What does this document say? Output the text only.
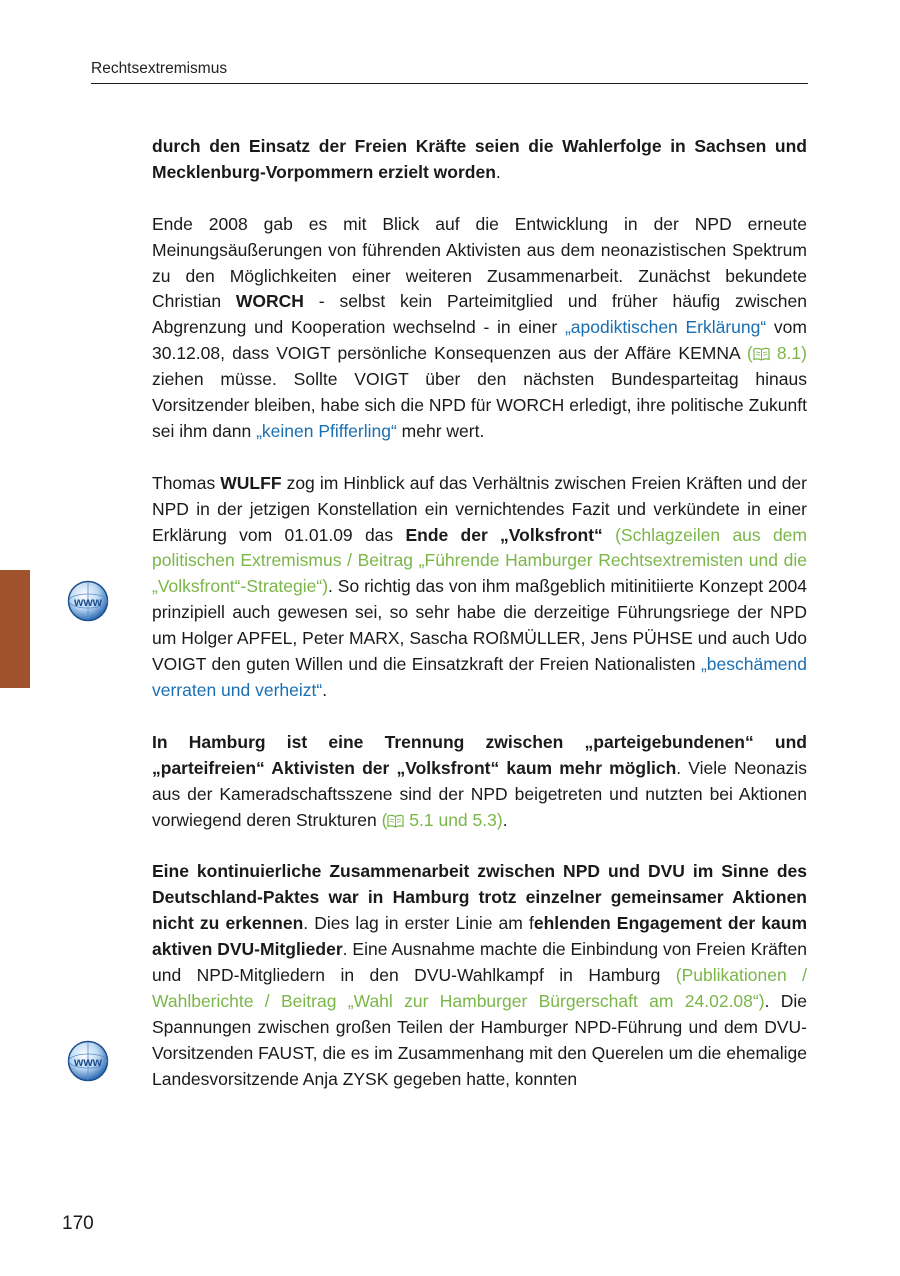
Rechtsextremismus
www
www

durch den Einsatz der Freien Kräfte seien die Wahlerfolge in Sachsen und Mecklenburg-Vorpommern erzielt worden.

Ende 2008 gab es mit Blick auf die Entwicklung in der NPD erneute Meinungsäußerungen von führenden Aktivisten aus dem neonazistischen Spektrum zu den Möglichkeiten einer weiteren Zusammenarbeit. Zunächst bekundete Christian WORCH - selbst kein Parteimitglied und früher häufig zwischen Abgrenzung und Kooperation wechselnd - in einer „apodiktischen Erklärung“ vom 30.12.08, dass VOIGT persönliche Konsequenzen aus der Affäre KEMNA ( 8.1) ziehen müsse. Sollte VOIGT über den nächsten Bundesparteitag hinaus Vorsitzender bleiben, habe sich die NPD für WORCH erledigt, ihre politische Zukunft sei ihm dann „keinen Pfifferling“ mehr wert.

Thomas WULFF zog im Hinblick auf das Verhältnis zwischen Freien Kräften und der NPD in der jetzigen Konstellation ein vernichtendes Fazit und verkündete in einer Erklärung vom 01.01.09 das Ende der „Volksfront“ (Schlagzeilen aus dem politischen Extremismus / Beitrag „Führende Hamburger Rechtsextremisten und die „Volksfront“-Strategie“). So richtig das von ihm maßgeblich mitinitiierte Konzept 2004 prinzipiell auch gewesen sei, so sehr habe die derzeitige Führungsriege der NPD um Holger APFEL, Peter MARX, Sascha ROßMÜLLER, Jens PÜHSE und auch Udo VOIGT den guten Willen und die Einsatzkraft der Freien Nationalisten „beschämend verraten und verheizt“.

In Hamburg ist eine Trennung zwischen „parteigebundenen“ und „parteifreien“ Aktivisten der „Volksfront“ kaum mehr möglich. Viele Neonazis aus der Kameradschaftsszene sind der NPD beigetreten und nutzten bei Aktionen vorwiegend deren Strukturen ( 5.1 und 5.3).

Eine kontinuierliche Zusammenarbeit zwischen NPD und DVU im Sinne des Deutschland-Paktes war in Hamburg trotz einzelner gemeinsamer Aktionen nicht zu erkennen. Dies lag in erster Linie am fehlenden Engagement der kaum aktiven DVU-Mitglieder. Eine Ausnahme machte die Einbindung von Freien Kräften und NPD-Mitgliedern in den DVU-Wahlkampf in Hamburg (Publikationen / Wahlberichte / Beitrag „Wahl zur Hamburger Bürgerschaft am 24.02.08“). Die Spannungen zwischen großen Teilen der Hamburger NPD-Führung und dem DVU-Vorsitzenden FAUST, die es im Zusammenhang mit den Querelen um die ehemalige Landesvorsitzende Anja ZYSK gegeben hatte, konnten

170
